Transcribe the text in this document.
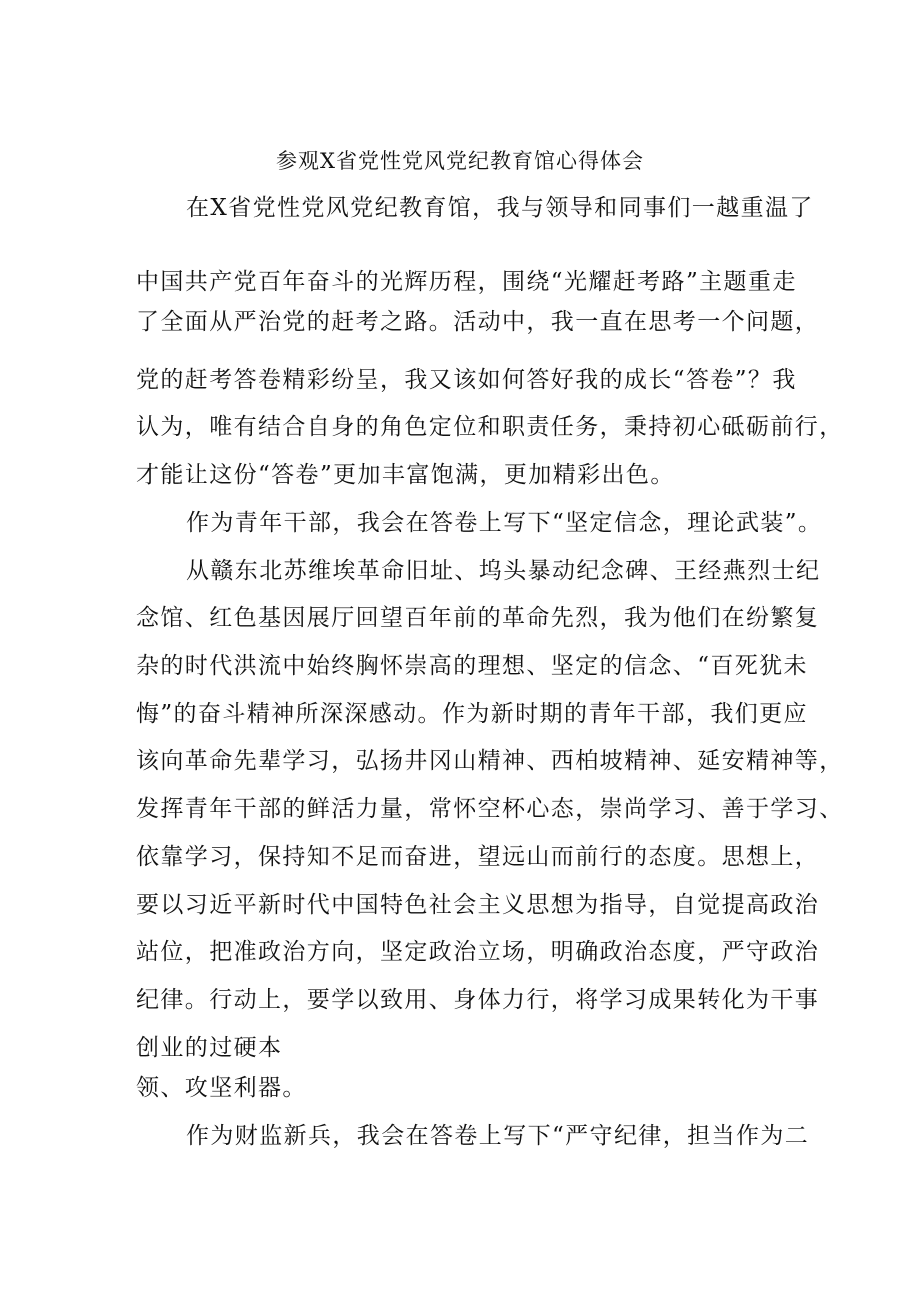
参观X省党性党风党纪教育馆心得体会
在X省党性党风党纪教育馆，我与领导和同事们一越重温了
中国共产党百年奋斗的光辉历程，围绕“光耀赶考路”主题重走
了全面从严治党的赶考之路。活动中，我一直在思考一个问题，
党的赶考答卷精彩纷呈，我又该如何答好我的成长“答卷”？我
认为，唯有结合自身的角色定位和职责任务，秉持初心砥砺前行，
才能让这份“答卷”更加丰富饱满，更加精彩出色。
作为青年干部，我会在答卷上写下“坚定信念，理论武装”。
从赣东北苏维埃革命旧址、坞头暴动纪念碑、王经燕烈士纪
念馆、红色基因展厅回望百年前的革命先烈，我为他们在纷繁复
杂的时代洪流中始终胸怀崇高的理想、坚定的信念、“百死犹未
悔”的奋斗精神所深深感动。作为新时期的青年干部，我们更应
该向革命先辈学习，弘扬井冈山精神、西柏坡精神、延安精神等，
发挥青年干部的鲜活力量，常怀空杯心态，崇尚学习、善于学习、
依靠学习，保持知不足而奋进，望远山而前行的态度。思想上，
要以习近平新时代中国特色社会主义思想为指导，自觉提高政治
站位，把准政治方向，坚定政治立场，明确政治态度，严守政治
纪律。行动上，要学以致用、身体力行，将学习成果转化为干事
创业的过硬本
领、攻坚利器。
作为财监新兵，我会在答卷上写下“严守纪律，担当作为二
